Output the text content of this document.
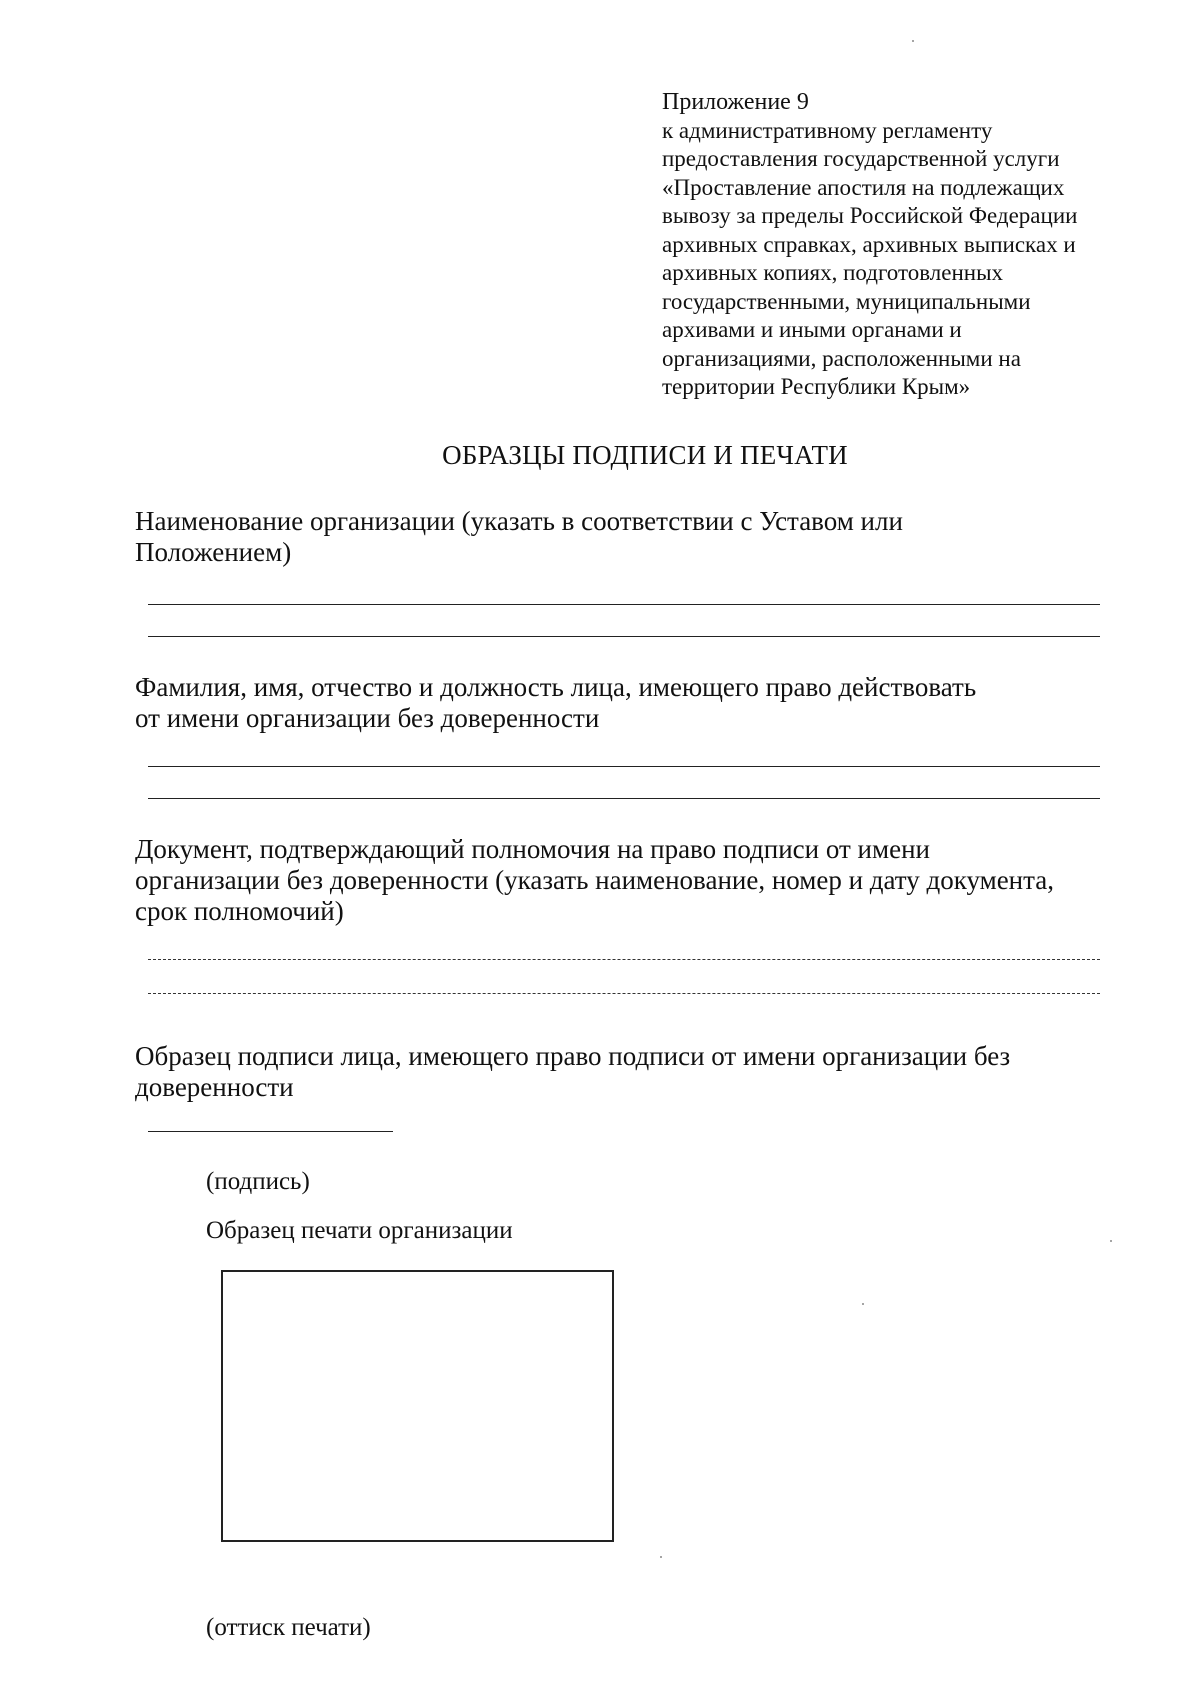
Приложение 9
к административному регламенту
предоставления государственной услуги
«Проставление апостиля на подлежащих
вывозу за пределы Российской Федерации
архивных справках, архивных выписках и
архивных копиях, подготовленных
государственными, муниципальными
архивами и иными органами и
организациями, расположенными на
территории Республики Крым»
ОБРАЗЦЫ ПОДПИСИ И ПЕЧАТИ
Наименование организации (указать в соответствии с Уставом или
Положением)
Фамилия, имя, отчество и должность лица, имеющего право действовать
от имени организации без доверенности
Документ, подтверждающий полномочия на право подписи от имени
организации без доверенности (указать наименование, номер и дату документа,
срок полномочий)
Образец подписи лица, имеющего право подписи от имени организации без
доверенности
(подпись)
Образец печати организации
(оттиск печати)
